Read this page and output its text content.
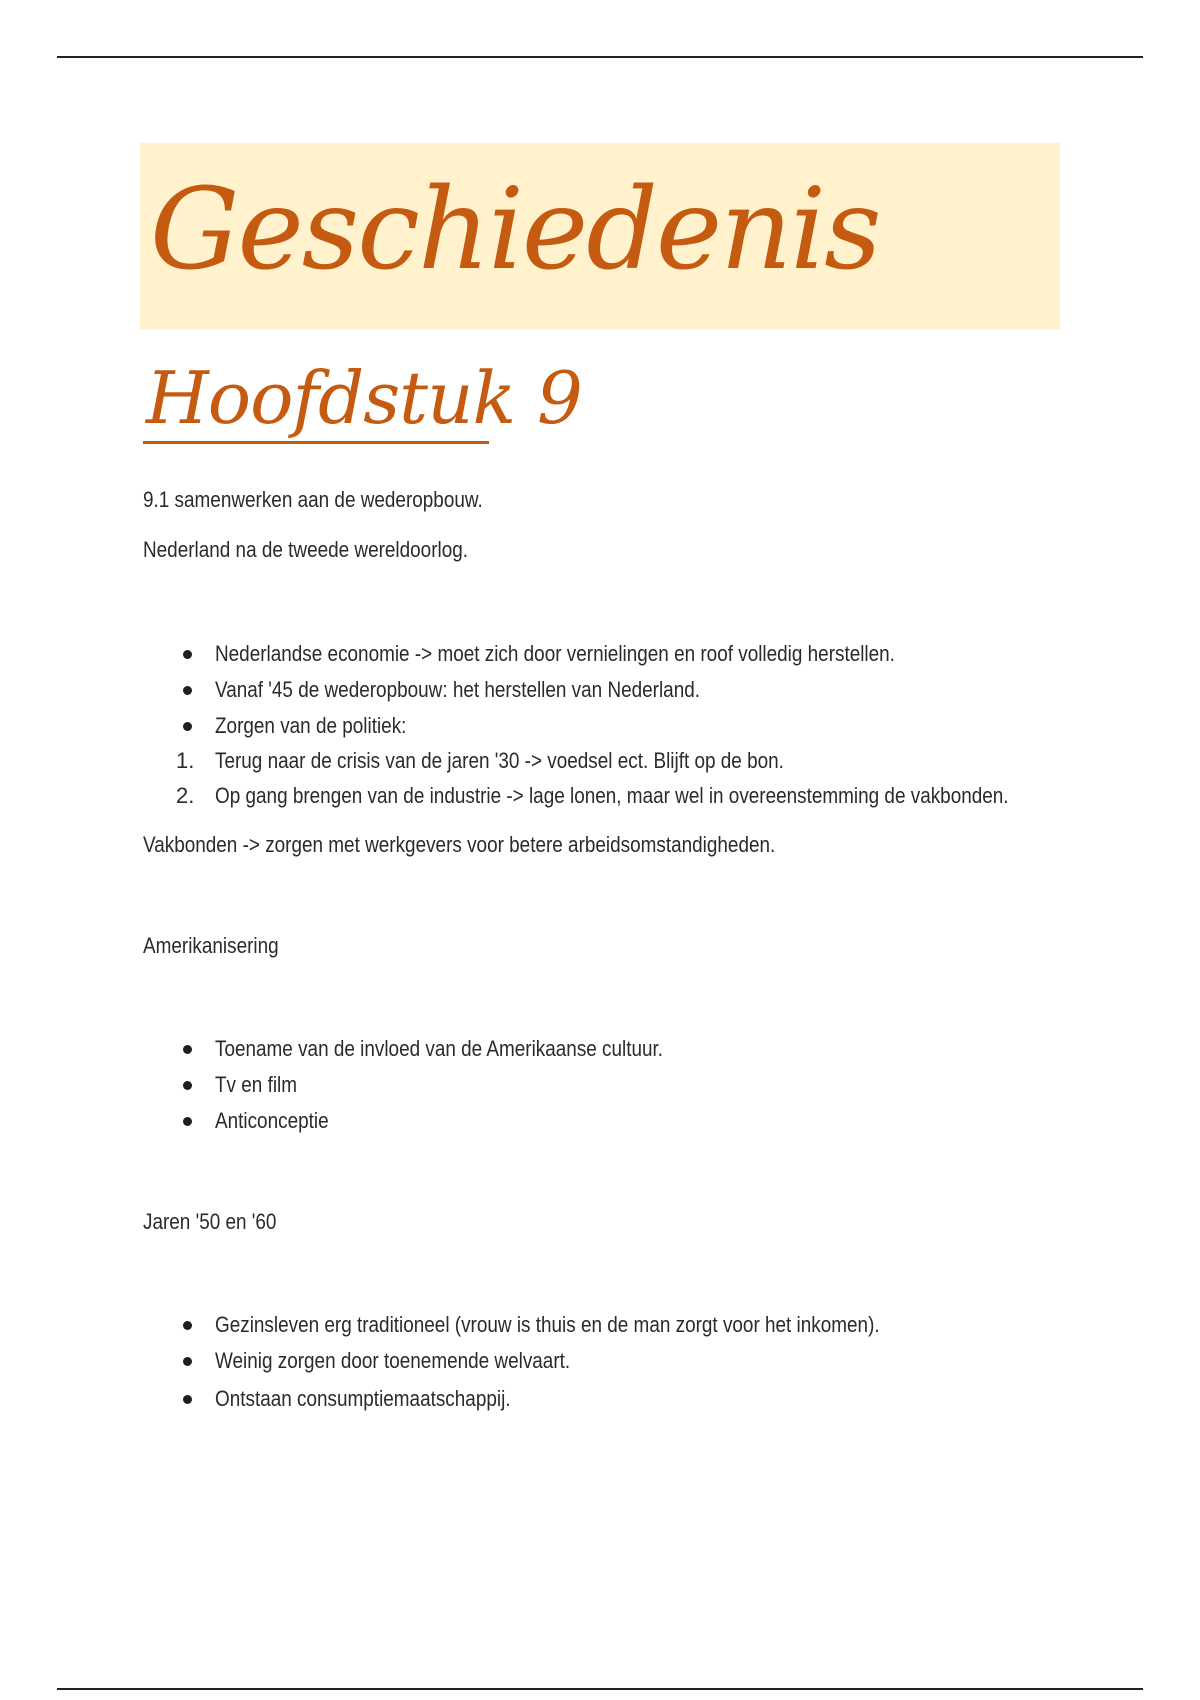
Geschiedenis
Hoofdstuk 9

9.1 samenwerken aan de wederopbouw.

Nederland na de tweede wereldoorlog.

Nederlandse economie -> moet zich door vernielingen en roof volledig herstellen.
Vanaf '45 de wederopbouw: het herstellen van Nederland.
Zorgen van de politiek:
1. Terug naar de crisis van de jaren '30 -> voedsel ect. Blijft op de bon.
2. Op gang brengen van de industrie -> lage lonen, maar wel in overeenstemming de vakbonden.

Vakbonden -> zorgen met werkgevers voor betere arbeidsomstandigheden.

Amerikanisering

Toename van de invloed van de Amerikaanse cultuur.
Tv en film
Anticonceptie

Jaren '50 en '60

Gezinsleven erg traditioneel (vrouw is thuis en de man zorgt voor het inkomen).
Weinig zorgen door toenemende welvaart.
Ontstaan consumptiemaatschappij.
